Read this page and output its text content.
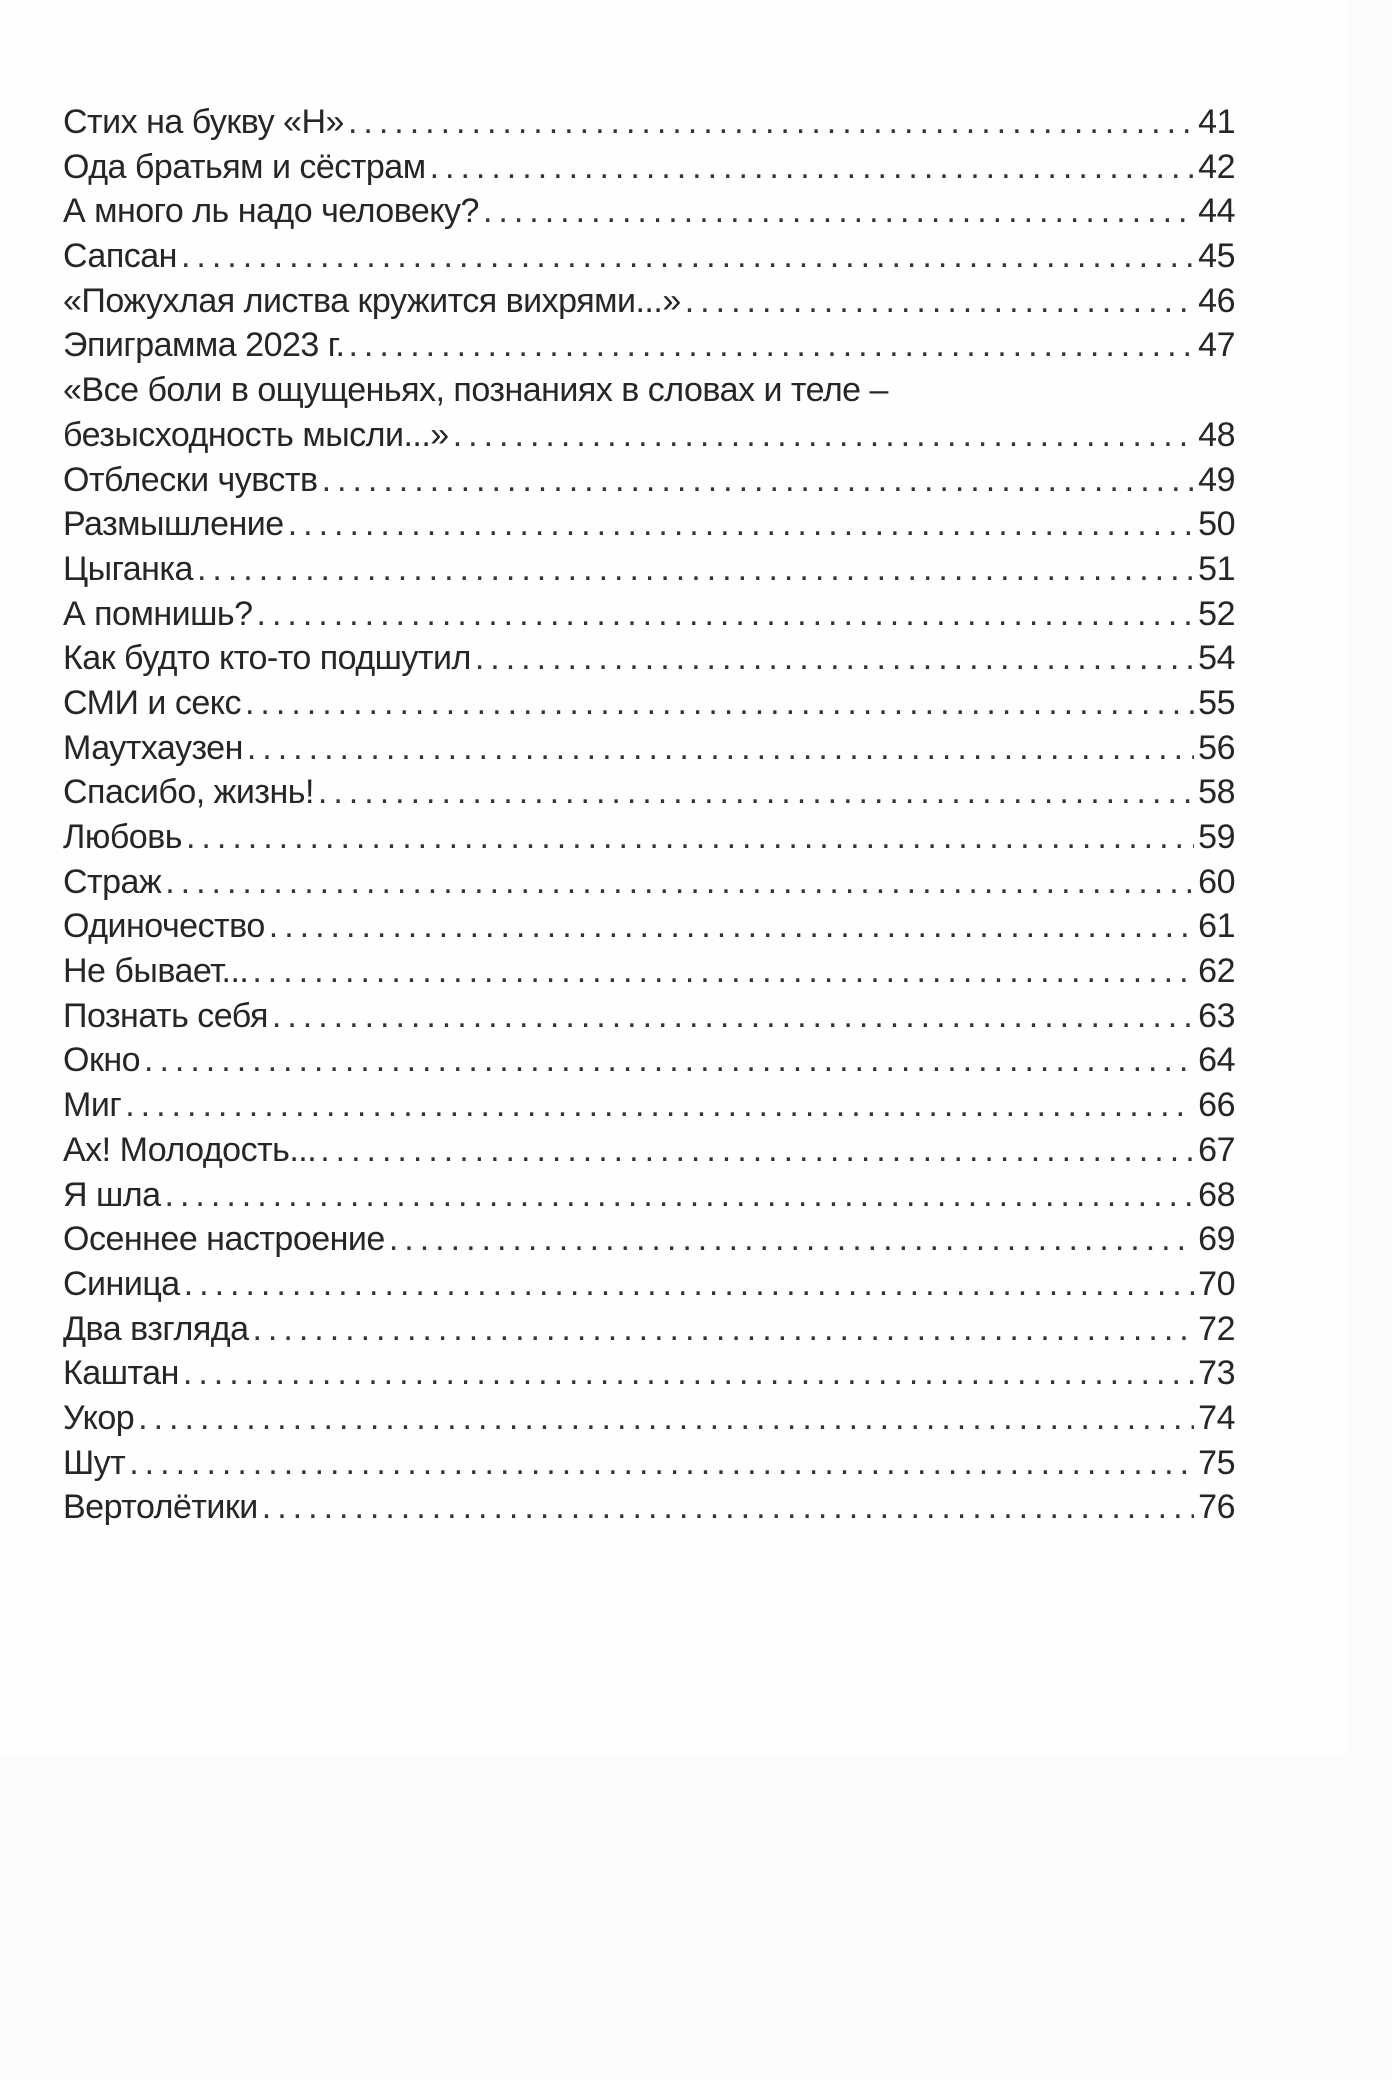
Стих на букву «Н» .....	41
Ода братьям и сёстрам .....	42
А много ль надо человеку? .....	44
Сапсан .....	45
«Пожухлая листва кружится вихрями...» .....	46
Эпиграмма 2023 г. .....	47
«Все боли в ощущеньях, познаниях в словах и теле –
безысходность мысли...» .....	48
Отблески чувств .....	49
Размышление .....	50
Цыганка .....	51
А помнишь? .....	52
Как будто кто-то подшутил .....	54
СМИ и секс .....	55
Маутхаузен .....	56
Спасибо, жизнь! .....	58
Любовь .....	59
Страж .....	60
Одиночество .....	61
Не бывает... .....	62
Познать себя .....	63
Окно .....	64
Миг .....	66
Ах! Молодость... .....	67
Я шла .....	68
Осеннее настроение .....	69
Синица .....	70
Два взгляда .....	72
Каштан .....	73
Укор .....	74
Шут .....	75
Вертолётики .....	76
